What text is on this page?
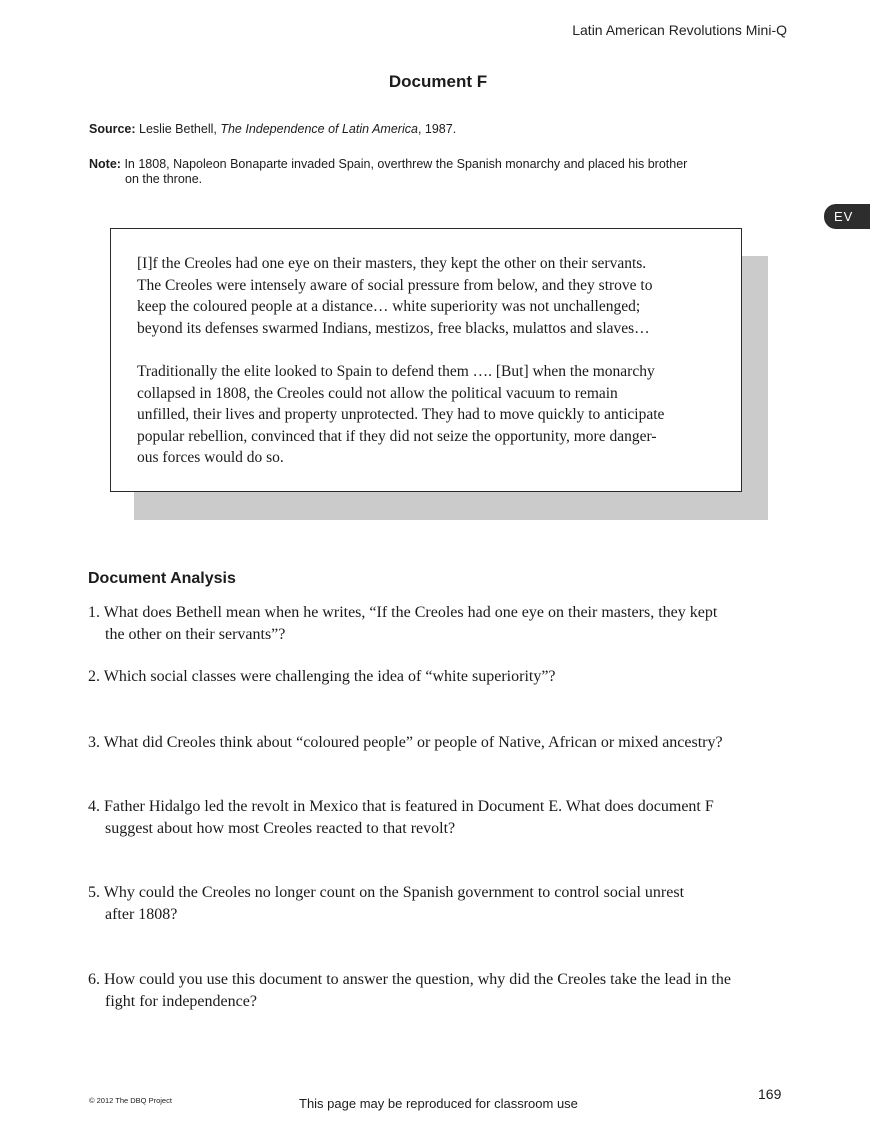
Latin American Revolutions Mini-Q
Document F
Source: Leslie Bethell, The Independence of Latin America, 1987.
Note: In 1808, Napoleon Bonaparte invaded Spain, overthrew the Spanish monarchy and placed his brother
on the throne.
EV

[I]f the Creoles had one eye on their masters, they kept the other on their servants.
The Creoles were intensely aware of social pressure from below, and they strove to
keep the coloured people at a distance… white superiority was not unchallenged;
beyond its defenses swarmed Indians, mestizos, free blacks, mulattos and slaves…

Traditionally the elite looked to Spain to defend them …. [But] when the monarchy
collapsed in 1808, the Creoles could not allow the political vacuum to remain
unfilled, their lives and property unprotected. They had to move quickly to anticipate
popular rebellion, convinced that if they did not seize the opportunity, more danger-
ous forces would do so.

Document Analysis
1. What does Bethell mean when he writes, “If the Creoles had one eye on their masters, they kept
the other on their servants”?
2. Which social classes were challenging the idea of “white superiority”?
3. What did Creoles think about “coloured people” or people of Native, African or mixed ancestry?
4. Father Hidalgo led the revolt in Mexico that is featured in Document E. What does document F
suggest about how most Creoles reacted to that revolt?
5. Why could the Creoles no longer count on the Spanish government to control social unrest
after 1808?
6. How could you use this document to answer the question, why did the Creoles take the lead in the
fight for independence?
© 2012 The DBQ Project	This page may be reproduced for classroom use
169
